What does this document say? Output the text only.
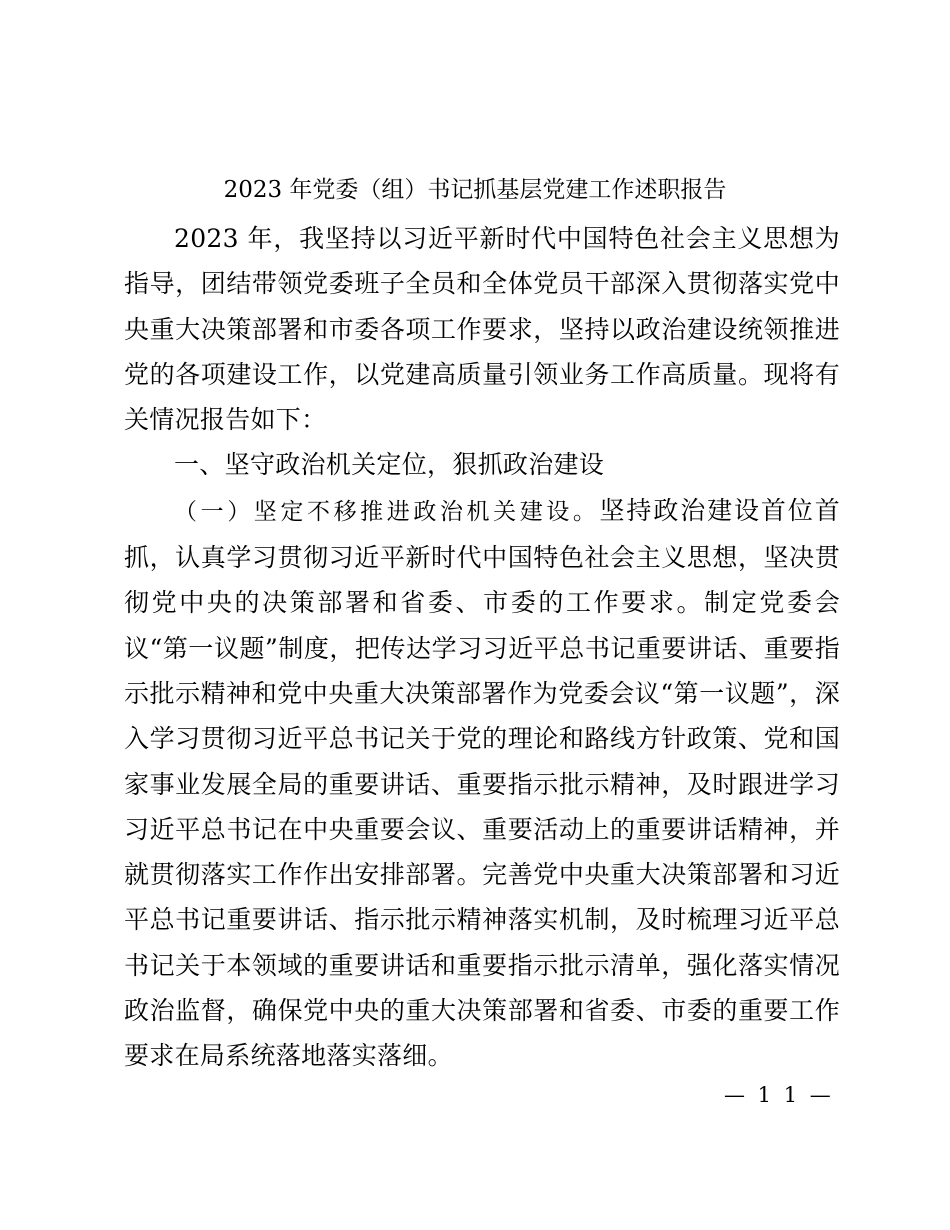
2023 年党委（组）书记抓基层党建工作述职报告

2023 年，我坚持以习近平新时代中国特色社会主义思想为指导，团结带领党委班子全员和全体党员干部深入贯彻落实党中央重大决策部署和市委各项工作要求，坚持以政治建设统领推进党的各项建设工作，以党建高质量引领业务工作高质量。现将有关情况报告如下：

一、坚守政治机关定位，狠抓政治建设

（一）坚定不移推进政治机关建设。坚持政治建设首位首抓，认真学习贯彻习近平新时代中国特色社会主义思想，坚决贯彻党中央的决策部署和省委、市委的工作要求。制定党委会议“第一议题”制度，把传达学习习近平总书记重要讲话、重要指示批示精神和党中央重大决策部署作为党委会议“第一议题”，深入学习贯彻习近平总书记关于党的理论和路线方针政策、党和国家事业发展全局的重要讲话、重要指示批示精神，及时跟进学习习近平总书记在中央重要会议、重要活动上的重要讲话精神，并就贯彻落实工作作出安排部署。完善党中央重大决策部署和习近平总书记重要讲话、指示批示精神落实机制，及时梳理习近平总书记关于本领域的重要讲话和重要指示批示清单，强化落实情况政治监督，确保党中央的重大决策部署和省委、市委的重要工作要求在局系统落地落实落细。

— 1 1 —
